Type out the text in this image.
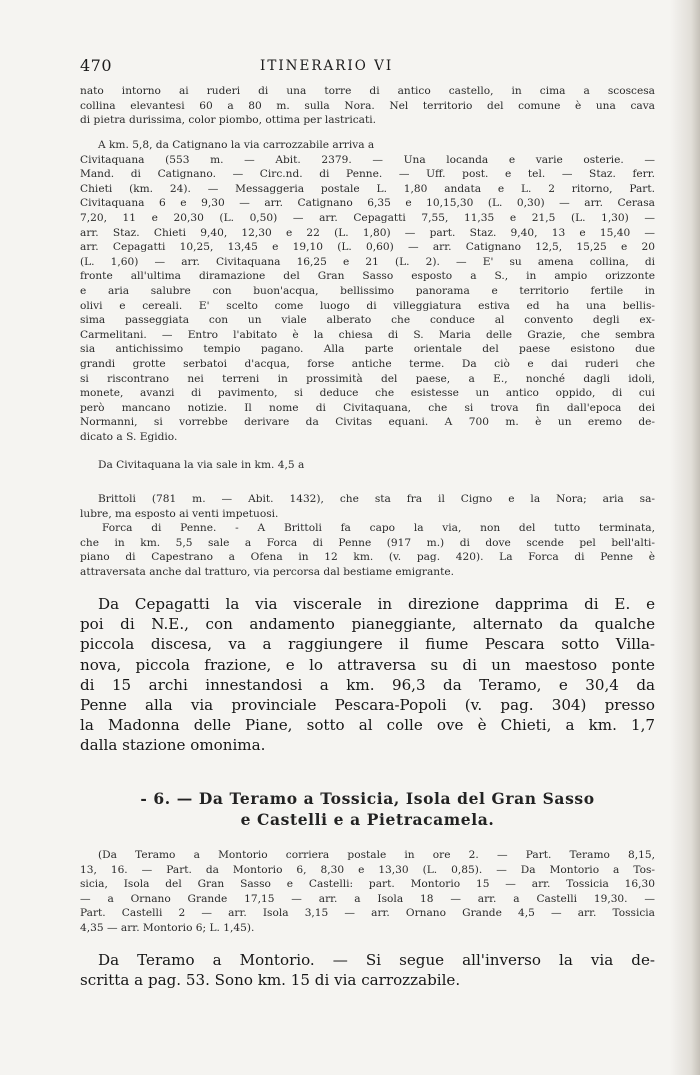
470	ITINERARIO VI
nato intorno ai ruderi di una torre di antico castello, in cima a scoscesa
collina elevantesi 60 a 80 m. sulla Nora. Nel territorio del comune è una cava
di pietra durissima, color piombo, ottima per lastricati.
A km. 5,8, da Catignano la via carrozzabile arriva a
Civitaquana (553 m. — Abit. 2379. — Una locanda e varie osterie. —
Mand. di Catignano. — Circ.nd. di Penne. — Uff. post. e tel. — Staz. ferr.
Chieti (km. 24). — Messaggeria postale L. 1,80 andata e L. 2 ritorno, Part.
Civitaquana 6 e 9,30 — arr. Catignano 6,35 e 10,15,30 (L. 0,30) — arr. Cerasa
7,20, 11 e 20,30 (L. 0,50) — arr. Cepagatti 7,55, 11,35 e 21,5 (L. 1,30) —
arr. Staz. Chieti 9,40, 12,30 e 22 (L. 1,80) — part. Staz. 9,40, 13 e 15,40 —
arr. Cepagatti 10,25, 13,45 e 19,10 (L. 0,60) — arr. Catignano 12,5, 15,25 e 20
(L. 1,60) — arr. Civitaquana 16,25 e 21 (L. 2). — E' su amena collina, di
fronte all'ultima diramazione del Gran Sasso esposto a S., in ampio orizzonte
e aria salubre con buon'acqua, bellissimo panorama e territorio fertile in
olivi e cereali. E' scelto come luogo di villeggiatura estiva ed ha una bellis-
sima passeggiata con un viale alberato che conduce al convento degli ex-
Carmelitani. — Entro l'abitato è la chiesa di S. Maria delle Grazie, che sembra
sia antichissimo tempio pagano. Alla parte orientale del paese esistono due
grandi grotte serbatoi d'acqua, forse antiche terme. Da ciò e dai ruderi che
si riscontrano nei terreni in prossimità del paese, a E., nonché dagli idoli,
monete, avanzi di pavimento, si deduce che esistesse un antico oppido, di cui
però mancano notizie. Il nome di Civitaquana, che si trova fin dall'epoca dei
Normanni, si vorrebbe derivare da Civitas equani. A 700 m. è un eremo de-
dicato a S. Egidio.
Da Civitaquana la via sale in km. 4,5 a
Brittoli (781 m. — Abit. 1432), che sta fra il Cigno e la Nora; aria sa-
lubre, ma esposto ai venti impetuosi.
Forca di Penne. - A Brittoli fa capo la via, non del tutto terminata,
che in km. 5,5 sale a Forca di Penne (917 m.) di dove scende pel bell'alti-
piano di Capestrano a Ofena in 12 km. (v. pag. 420). La Forca di Penne è
attraversata anche dal tratturo, via percorsa dal bestiame emigrante.
Da Cepagatti la via viscerale in direzione dapprima di E. e
poi di N.E., con andamento pianeggiante, alternato da qualche
piccola discesa, va a raggiungere il fiume Pescara sotto Villa-
nova, piccola frazione, e lo attraversa su di un maestoso ponte
di 15 archi innestandosi a km. 96,3 da Teramo, e 30,4 da
Penne alla via provinciale Pescara-Popoli (v. pag. 304) presso
la Madonna delle Piane, sotto al colle ove è Chieti, a km. 1,7
dalla stazione omonima.
- 6. — Da Teramo a Tossicia, Isola del Gran Sasso
e Castelli e a Pietracamela.
(Da Teramo a Montorio corriera postale in ore 2. — Part. Teramo 8,15,
13, 16. — Part. da Montorio 6, 8,30 e 13,30 (L. 0,85). — Da Montorio a Tos-
sicia, Isola del Gran Sasso e Castelli: part. Montorio 15 — arr. Tossicia 16,30
— a Ornano Grande 17,15 — arr. a Isola 18 — arr. a Castelli 19,30. —
Part. Castelli 2 — arr. Isola 3,15 — arr. Ornano Grande 4,5 — arr. Tossicia
4,35 — arr. Montorio 6; L. 1,45).
Da Teramo a Montorio. — Si segue all'inverso la via de-
scritta a pag. 53. Sono km. 15 di via carrozzabile.
